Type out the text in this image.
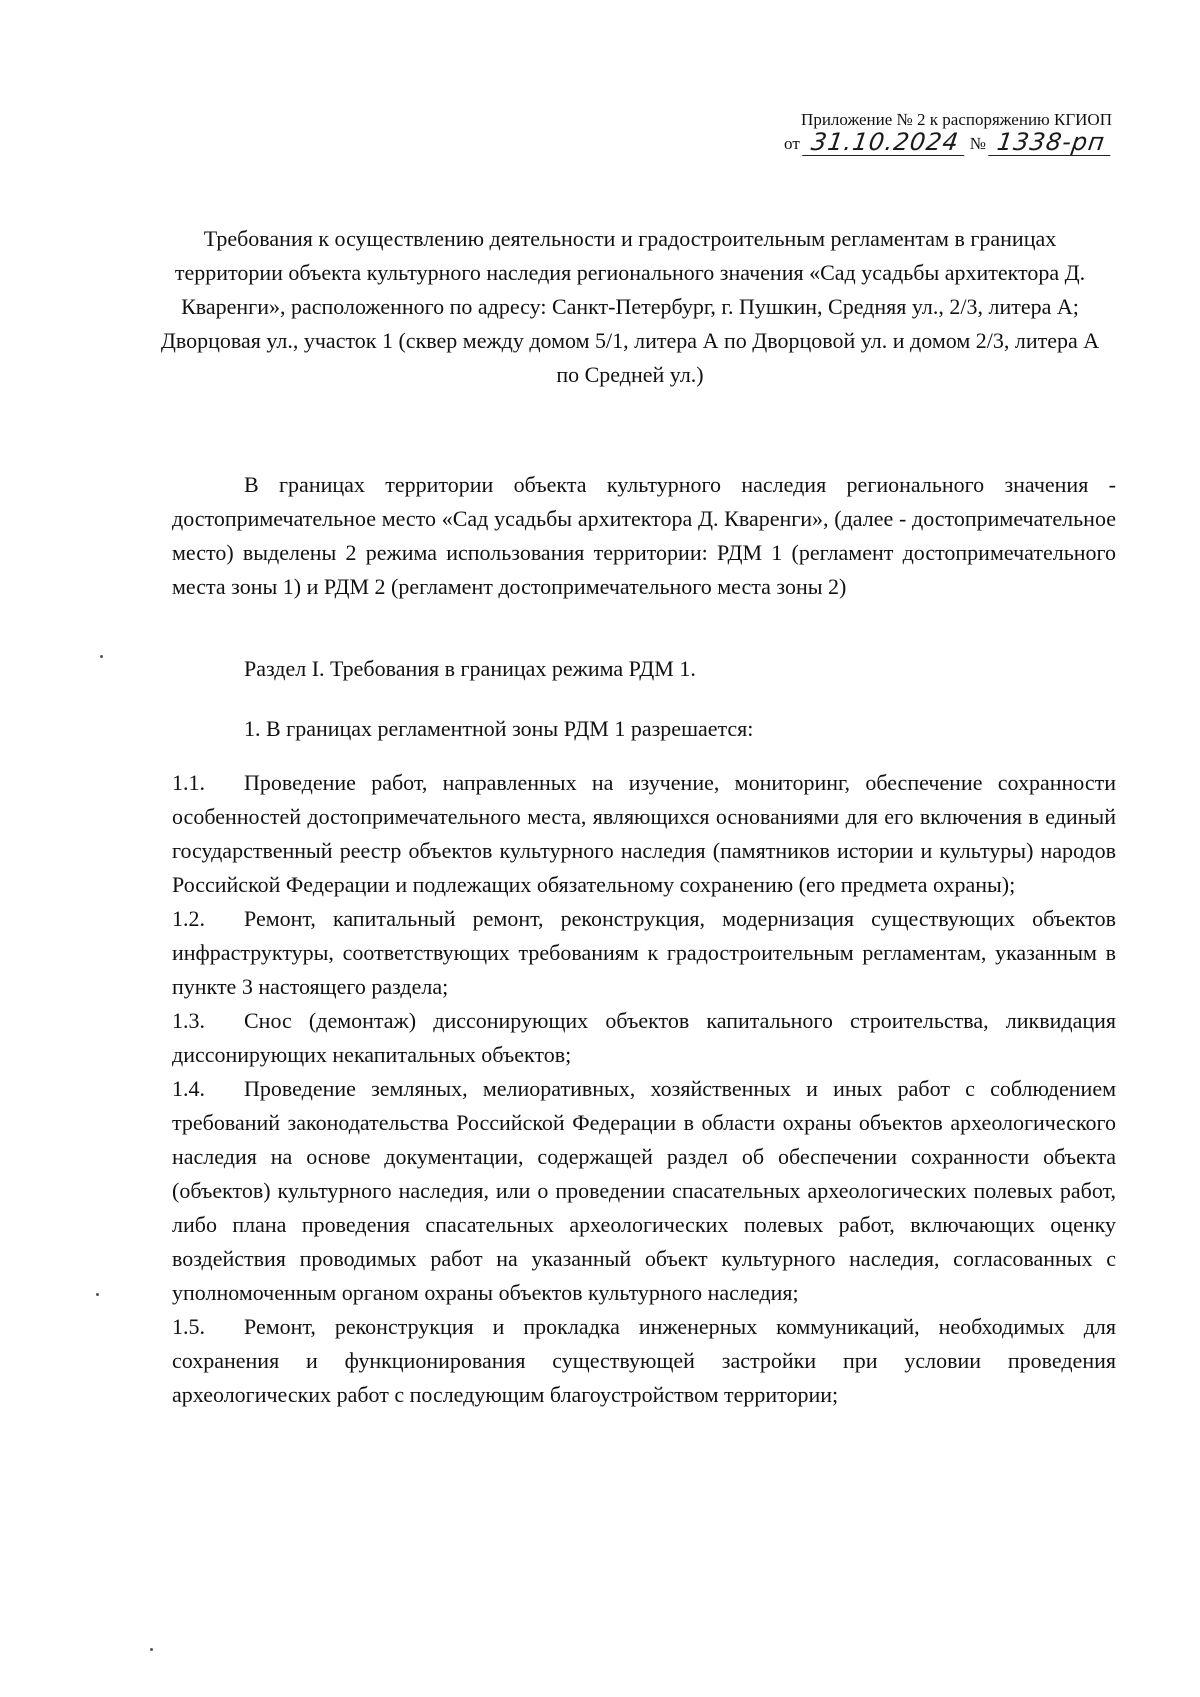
Приложение № 2 к распоряжению КГИОП
от 31.10.2024 № 1338-рп
Требования к осуществлению деятельности и градостроительным регламентам в границах территории объекта культурного наследия регионального значения «Сад усадьбы архитектора Д. Кваренги», расположенного по адресу: Санкт-Петербург, г. Пушкин, Средняя ул., 2/3, литера А; Дворцовая ул., участок 1 (сквер между домом 5/1, литера А по Дворцовой ул. и домом 2/3, литера А по Средней ул.)
В границах территории объекта культурного наследия регионального значения - достопримечательное место «Сад усадьбы архитектора Д. Кваренги», (далее - достопримечательное место) выделены 2 режима использования территории: РДМ 1 (регламент достопримечательного места зоны 1) и РДМ 2 (регламент достопримечательного места зоны 2)
Раздел I. Требования в границах режима РДМ 1.
1. В границах регламентной зоны РДМ 1 разрешается:
1.1.	Проведение работ, направленных на изучение, мониторинг, обеспечение сохранности особенностей достопримечательного места, являющихся основаниями для его включения в единый государственный реестр объектов культурного наследия (памятников истории и культуры) народов Российской Федерации и подлежащих обязательному сохранению (его предмета охраны);
1.2.	Ремонт, капитальный ремонт, реконструкция, модернизация существующих объектов инфраструктуры, соответствующих требованиям к градостроительным регламентам, указанным в пункте 3 настоящего раздела;
1.3.	Снос (демонтаж) диссонирующих объектов капитального строительства, ликвидация диссонирующих некапитальных объектов;
1.4.	Проведение земляных, мелиоративных, хозяйственных и иных работ с соблюдением требований законодательства Российской Федерации в области охраны объектов археологического наследия на основе документации, содержащей раздел об обеспечении сохранности объекта (объектов) культурного наследия, или о проведении спасательных археологических полевых работ, либо плана проведения спасательных археологических полевых работ, включающих оценку воздействия проводимых работ на указанный объект культурного наследия, согласованных с уполномоченным органом охраны объектов культурного наследия;
1.5.	Ремонт, реконструкция и прокладка инженерных коммуникаций, необходимых для сохранения и функционирования существующей застройки при условии проведения археологических работ с последующим благоустройством территории;
